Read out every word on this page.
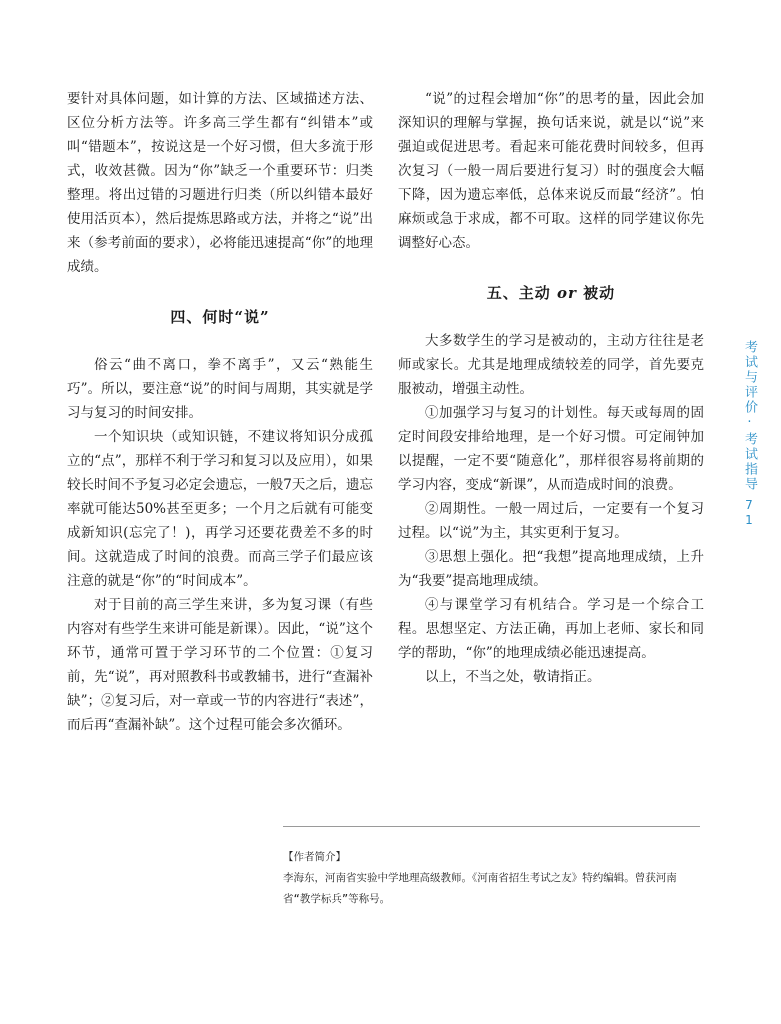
要针对具体问题，如计算的方法、区域描述方法、区位分析方法等。许多高三学生都有“纠错本”或叫“错题本”，按说这是一个好习惯，但大多流于形式，收效甚微。因为“你”缺乏一个重要环节：归类整理。将出过错的习题进行归类（所以纠错本最好使用活页本），然后提炼思路或方法，并将之“说”出来（参考前面的要求），必将能迅速提高“你”的地理成绩。

四、何时“说”

俗云“曲不离口，拳不离手”，又云“熟能生巧”。所以，要注意“说”的时间与周期，其实就是学习与复习的时间安排。

一个知识块（或知识链，不建议将知识分成孤立的“点”，那样不利于学习和复习以及应用），如果较长时间不予复习必定会遗忘，一般7天之后，遗忘率就可能达50%甚至更多；一个月之后就有可能变成新知识(忘完了！)，再学习还要花费差不多的时间。这就造成了时间的浪费。而高三学子们最应该注意的就是“你”的“时间成本”。

对于目前的高三学生来讲，多为复习课（有些内容对有些学生来讲可能是新课）。因此，“说”这个环节，通常可置于学习环节的二个位置：①复习前，先“说”，再对照教科书或教辅书，进行“查漏补缺”；②复习后，对一章或一节的内容进行“表述”，而后再“查漏补缺”。这个过程可能会多次循环。

“说”的过程会增加“你”的思考的量，因此会加深知识的理解与掌握，换句话来说，就是以“说”来强迫或促进思考。看起来可能花费时间较多，但再次复习（一般一周后要进行复习）时的强度会大幅下降，因为遗忘率低，总体来说反而最“经济”。怕麻烦或急于求成，都不可取。这样的同学建议你先调整好心态。

五、主动 or 被动

大多数学生的学习是被动的，主动方往往是老师或家长。尤其是地理成绩较差的同学，首先要克服被动，增强主动性。

①加强学习与复习的计划性。每天或每周的固定时间段安排给地理，是一个好习惯。可定闹钟加以提醒，一定不要“随意化”，那样很容易将前期的学习内容，变成“新课”，从而造成时间的浪费。

②周期性。一般一周过后，一定要有一个复习过程。以“说”为主，其实更利于复习。

③思想上强化。把“我想”提高地理成绩，上升为“我要”提高地理成绩。

④与课堂学习有机结合。学习是一个综合工程。思想坚定、方法正确，再加上老师、家长和同学的帮助，“你”的地理成绩必能迅速提高。

以上，不当之处，敬请指正。

考试与评价·考试指导71
【作者简介】
李海东，河南省实验中学地理高级教师。《河南省招生考试之友》特约编辑。曾获河南省“教学标兵”等称号。
